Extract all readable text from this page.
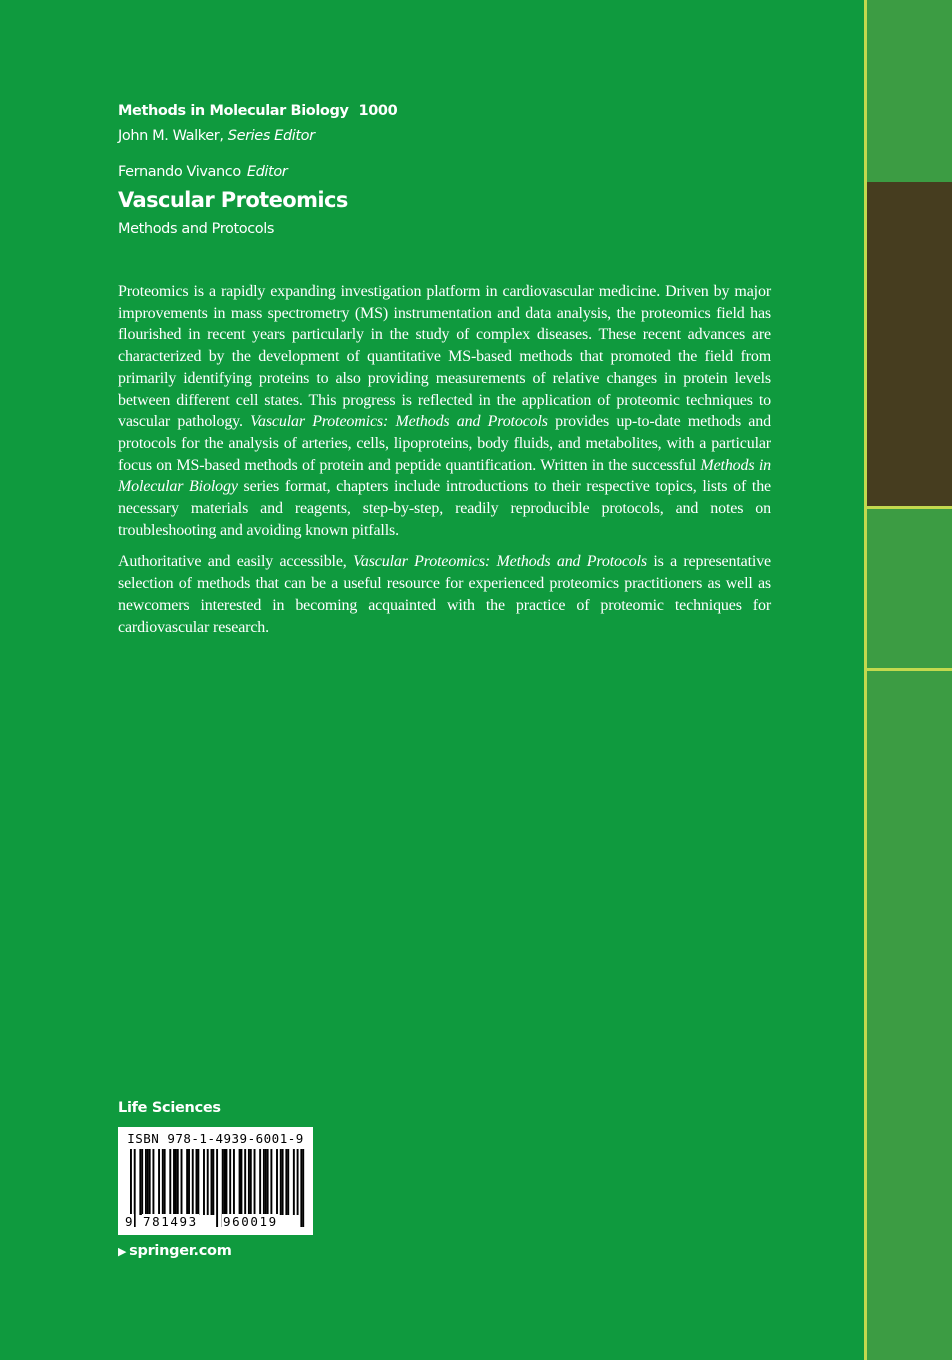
Methods in Molecular Biology 1000
John M. Walker, Series Editor
Fernando Vivanco Editor
Vascular Proteomics
Methods and Protocols

Proteomics is a rapidly expanding investigation platform in cardiovascular medicine. Driven by major improvements in mass spectrometry (MS) instrumentation and data analysis, the proteomics field has flourished in recent years particularly in the study of complex diseases. These recent advances are characterized by the development of quantitative MS-based methods that promoted the field from primarily identifying proteins to also providing measurements of relative changes in protein levels between different cell states. This progress is reflected in the application of proteomic techniques to vascular pathology. Vascular Proteomics: Methods and Protocols provides up-to-date methods and protocols for the analysis of arteries, cells, lipoproteins, body fluids, and metabolites, with a particular focus on MS-based methods of protein and peptide quantification. Written in the successful Methods in Molecular Biology series format, chapters include introductions to their respective topics, lists of the necessary materials and reagents, step-by-step, readily reproducible protocols, and notes on troubleshooting and avoiding known pitfalls.

Authoritative and easily accessible, Vascular Proteomics: Methods and Protocols is a representative selection of methods that can be a useful resource for experienced proteomics practitioners as well as newcomers interested in becoming acquainted with the practice of proteomic techniques for cardiovascular research.

Life Sciences
ISBN 978-1-4939-6001-9
9 781493 960019
▶ springer.com
